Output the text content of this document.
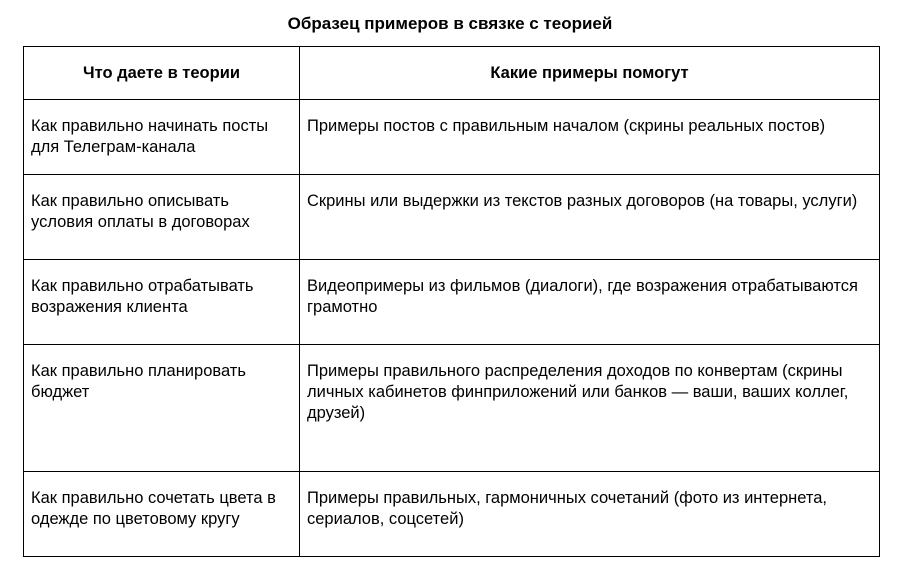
Образец примеров в связке с теорией
Что даете в теории	Какие примеры помогут
Как правильно начинать посты для Телеграм-канала	Примеры постов с правильным началом (скрины реальных постов)
Как правильно описывать условия оплаты в договорах	Скрины или выдержки из текстов разных договоров (на товары, услуги)
Как правильно отрабатывать возражения клиента	Видеопримеры из фильмов (диалоги), где возражения отрабатываются грамотно
Как правильно планировать бюджет	Примеры правильного распределения доходов по конвертам (скрины личных кабинетов финприложений или банков — ваши, ваших коллег, друзей)
Как правильно сочетать цвета в одежде по цветовому кругу	Примеры правильных, гармоничных сочетаний (фото из интернета, сериалов, соцсетей)
